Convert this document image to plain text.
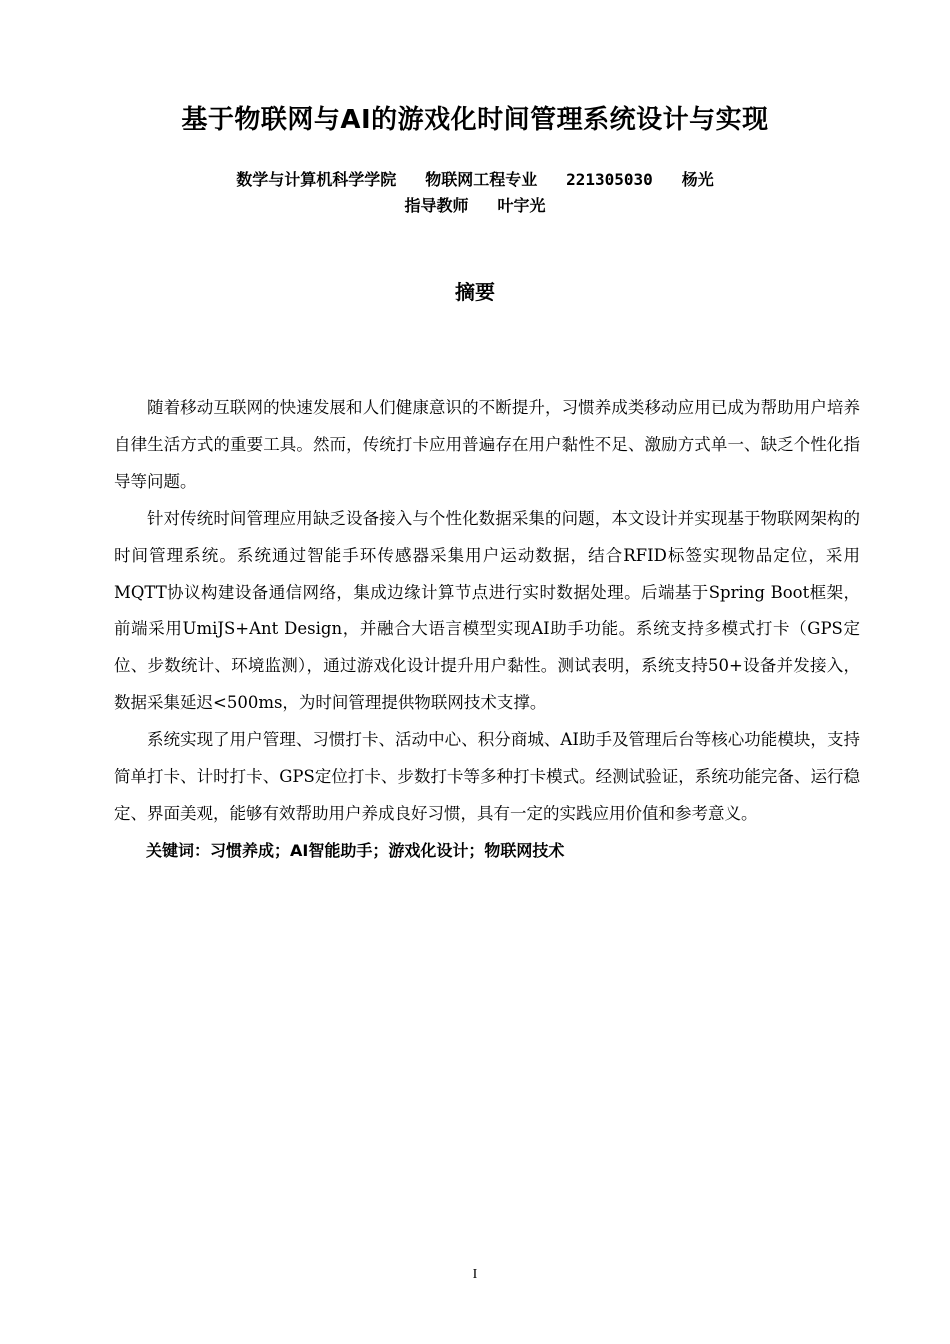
基于物联网与AI的游戏化时间管理系统设计与实现
数学与计算机科学学院   物联网工程专业   221305030   杨光
指导教师   叶宇光
摘要

随着移动互联网的快速发展和人们健康意识的不断提升，习惯养成类移动应用已成为帮助用户培养自律生活方式的重要工具。然而，传统打卡应用普遍存在用户黏性不足、激励方式单一、缺乏个性化指导等问题。

针对传统时间管理应用缺乏设备接入与个性化数据采集的问题，本文设计并实现基于物联网架构的时间管理系统。系统通过智能手环传感器采集用户运动数据，结合RFID标签实现物品定位，采用MQTT协议构建设备通信网络，集成边缘计算节点进行实时数据处理。后端基于Spring Boot框架，前端采用UmiJS+Ant Design，并融合大语言模型实现AI助手功能。系统支持多模式打卡（GPS定位、步数统计、环境监测），通过游戏化设计提升用户黏性。测试表明，系统支持50+设备并发接入，数据采集延迟<500ms，为时间管理提供物联网技术支撑。

系统实现了用户管理、习惯打卡、活动中心、积分商城、AI助手及管理后台等核心功能模块，支持简单打卡、计时打卡、GPS定位打卡、步数打卡等多种打卡模式。经测试验证，系统功能完备、运行稳定、界面美观，能够有效帮助用户养成良好习惯，具有一定的实践应用价值和参考意义。

关键词：习惯养成；AI智能助手；游戏化设计；物联网技术

I
